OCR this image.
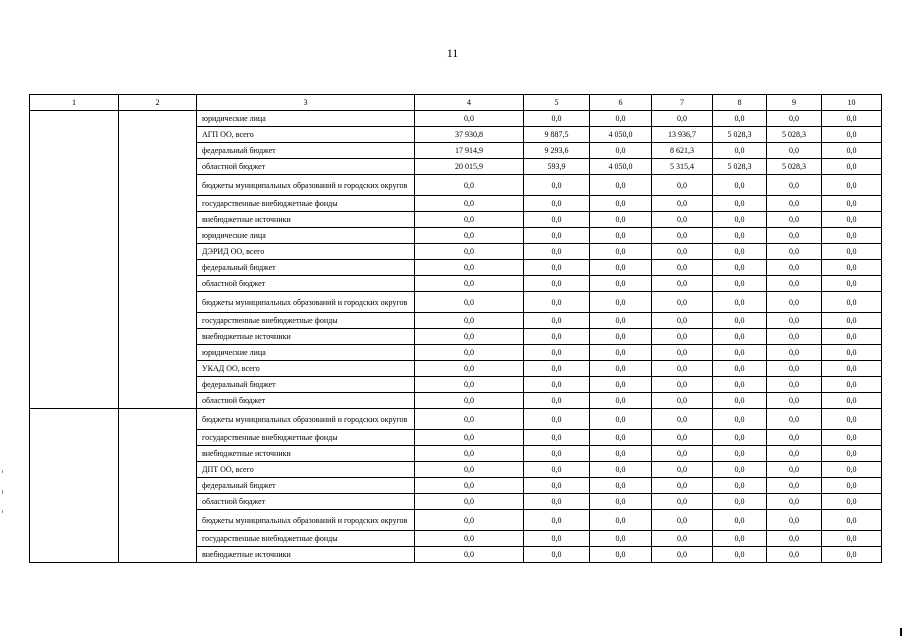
11
1	2	3	4	5	6	7	8	9	10
		юридические лица	0,0	0,0	0,0	0,0	0,0	0,0	0,0
		АГП ОО, всего	37 930,8	9 887,5	4 050,0	13 936,7	5 028,3	5 028,3	0,0
		федеральный бюджет	17 914,9	9 293,6	0,0	8 621,3	0,0	0,0	0,0
		областной бюджет	20 015,9	593,9	4 050,0	5 315,4	5 028,3	5 028,3	0,0
		бюджеты муниципальных образований и городских округов	0,0	0,0	0,0	0,0	0,0	0,0	0,0
		государственные внебюджетные фонды	0,0	0,0	0,0	0,0	0,0	0,0	0,0
		внебюджетные источники	0,0	0,0	0,0	0,0	0,0	0,0	0,0
		юридические лица	0,0	0,0	0,0	0,0	0,0	0,0	0,0
		ДЭРИД ОО, всего	0,0	0,0	0,0	0,0	0,0	0,0	0,0
		федеральный бюджет	0,0	0,0	0,0	0,0	0,0	0,0	0,0
		областной бюджет	0,0	0,0	0,0	0,0	0,0	0,0	0,0
		бюджеты муниципальных образований и городских округов	0,0	0,0	0,0	0,0	0,0	0,0	0,0
		государственные внебюджетные фонды	0,0	0,0	0,0	0,0	0,0	0,0	0,0
		внебюджетные источники	0,0	0,0	0,0	0,0	0,0	0,0	0,0
		юридические лица	0,0	0,0	0,0	0,0	0,0	0,0	0,0
		УКАД ОО, всего	0,0	0,0	0,0	0,0	0,0	0,0	0,0
		федеральный бюджет	0,0	0,0	0,0	0,0	0,0	0,0	0,0
		областной бюджет	0,0	0,0	0,0	0,0	0,0	0,0	0,0
		бюджеты муниципальных образований и городских округов	0,0	0,0	0,0	0,0	0,0	0,0	0,0
		государственные внебюджетные фонды	0,0	0,0	0,0	0,0	0,0	0,0	0,0
		внебюджетные источники	0,0	0,0	0,0	0,0	0,0	0,0	0,0
		ДПТ ОО, всего	0,0	0,0	0,0	0,0	0,0	0,0	0,0
		федеральный бюджет	0,0	0,0	0,0	0,0	0,0	0,0	0,0
		областной бюджет	0,0	0,0	0,0	0,0	0,0	0,0	0,0
		бюджеты муниципальных образований и городских округов	0,0	0,0	0,0	0,0	0,0	0,0	0,0
		государственные внебюджетные фонды	0,0	0,0	0,0	0,0	0,0	0,0	0,0
		внебюджетные источники	0,0	0,0	0,0	0,0	0,0	0,0	0,0
